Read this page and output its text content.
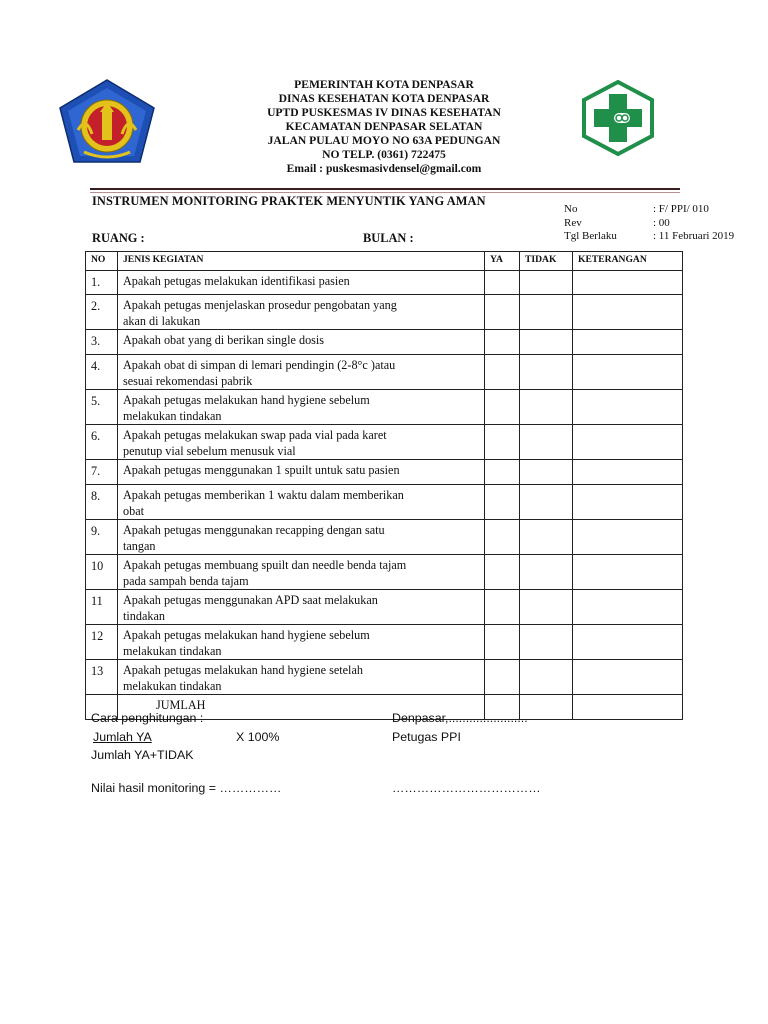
PEMERINTAH KOTA DENPASAR
DINAS KESEHATAN KOTA DENPASAR
UPTD PUSKESMAS IV DINAS KESEHATAN
KECAMATAN DENPASAR SELATAN
JALAN PULAU MOYO NO 63A PEDUNGAN
NO TELP. (0361) 722475
Email : puskesmasivdensel@gmail.com
INSTRUMEN MONITORING PRAKTEK MENYUNTIK YANG AMAN
No	: F/ PPI/ 010
Rev	: 00
Tgl Berlaku	: 11 Februari 2019
RUANG :	BULAN :
NO	JENIS KEGIATAN	YA	TIDAK	KETERANGAN
1.	Apakah petugas melakukan identifikasi pasien			

2.	Apakah petugas menjelaskan prosedur pengobatan yang
akan di lakukan			

3.	Apakah obat yang di berikan single dosis			

4.	Apakah obat di simpan di lemari pendingin (2-8°c )atau
sesuai rekomendasi pabrik			

5.	Apakah petugas melakukan hand hygiene sebelum
melakukan tindakan			

6.	Apakah petugas melakukan swap pada vial pada karet
penutup vial sebelum menusuk vial			

7.	Apakah petugas menggunakan 1 spuilt untuk satu pasien			

8.	Apakah petugas memberikan 1 waktu dalam memberikan
obat			

9.	Apakah petugas menggunakan recapping dengan satu
tangan			

10	Apakah petugas membuang spuilt dan needle benda tajam
pada sampah benda tajam			

11	Apakah petugas menggunakan APD saat melakukan
tindakan			

12	Apakah petugas melakukan hand hygiene sebelum
melakukan tindakan			

13	Apakah petugas melakukan hand hygiene setelah
melakukan tindakan			

	JUMLAH			

Cara penghitungan :
Jumlah YA	X 100%
Jumlah YA+TIDAK
Nilai hasil monitoring = ……………
Denpasar,.......................
Petugas PPI
………………………………
